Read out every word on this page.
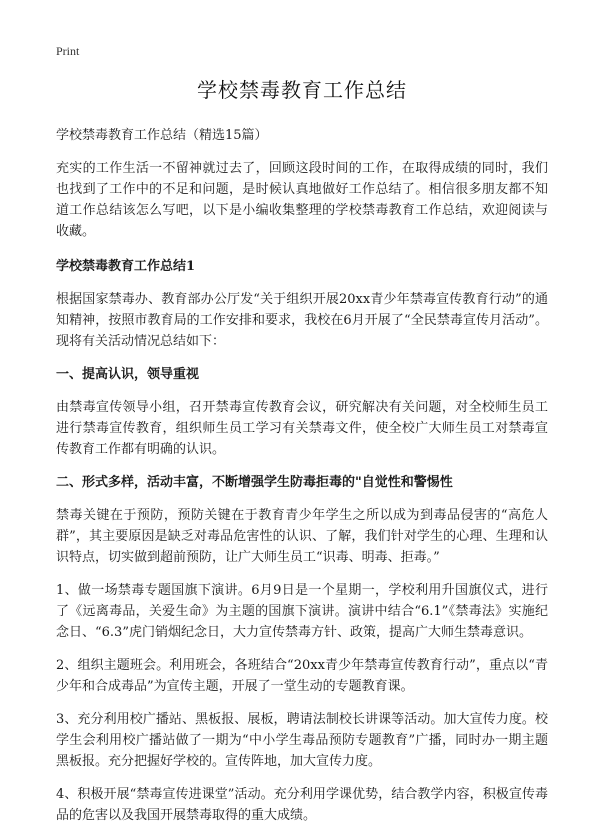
Print
学校禁毒教育工作总结

学校禁毒教育工作总结（精选15篇）

充实的工作生活一不留神就过去了，回顾这段时间的工作，在取得成绩的同时，我们也找到了工作中的不足和问题，是时候认真地做好工作总结了。相信很多朋友都不知道工作总结该怎么写吧，以下是小编收集整理的学校禁毒教育工作总结，欢迎阅读与收藏。

学校禁毒教育工作总结1

根据国家禁毒办、教育部办公厅发“关于组织开展20xx青少年禁毒宣传教育行动”的通知精神，按照市教育局的工作安排和要求，我校在6月开展了“全民禁毒宣传月活动”。现将有关活动情况总结如下：

一、提高认识，领导重视

由禁毒宣传领导小组，召开禁毒宣传教育会议，研究解决有关问题，对全校师生员工进行禁毒宣传教育，组织师生员工学习有关禁毒文件，使全校广大师生员工对禁毒宣传教育工作都有明确的认识。

二、形式多样，活动丰富，不断增强学生防毒拒毒的"自觉性和警惕性

禁毒关键在于预防，预防关键在于教育青少年学生之所以成为到毒品侵害的“高危人群”，其主要原因是缺乏对毒品危害性的认识、了解，我们针对学生的心理、生理和认识特点，切实做到超前预防，让广大师生员工“识毒、明毒、拒毒。”

1、做一场禁毒专题国旗下演讲。6月9日是一个星期一，学校利用升国旗仪式，进行了《远离毒品，关爱生命》为主题的国旗下演讲。演讲中结合“6.1”《禁毒法》实施纪念日、“6.3”虎门销烟纪念日，大力宣传禁毒方针、政策，提高广大师生禁毒意识。

2、组织主题班会。利用班会，各班结合“20xx青少年禁毒宣传教育行动”，重点以“青少年和合成毒品”为宣传主题，开展了一堂生动的专题教育课。

3、充分利用校广播站、黑板报、展板，聘请法制校长讲课等活动。加大宣传力度。校学生会利用校广播站做了一期为“中小学生毒品预防专题教育”广播，同时办一期主题黑板报。充分把握好学校的。宣传阵地，加大宣传力度。

4、积极开展“禁毒宣传进课堂”活动。充分利用学课优势，结合教学内容，积极宣传毒品的危害以及我国开展禁毒取得的重大成绩。
